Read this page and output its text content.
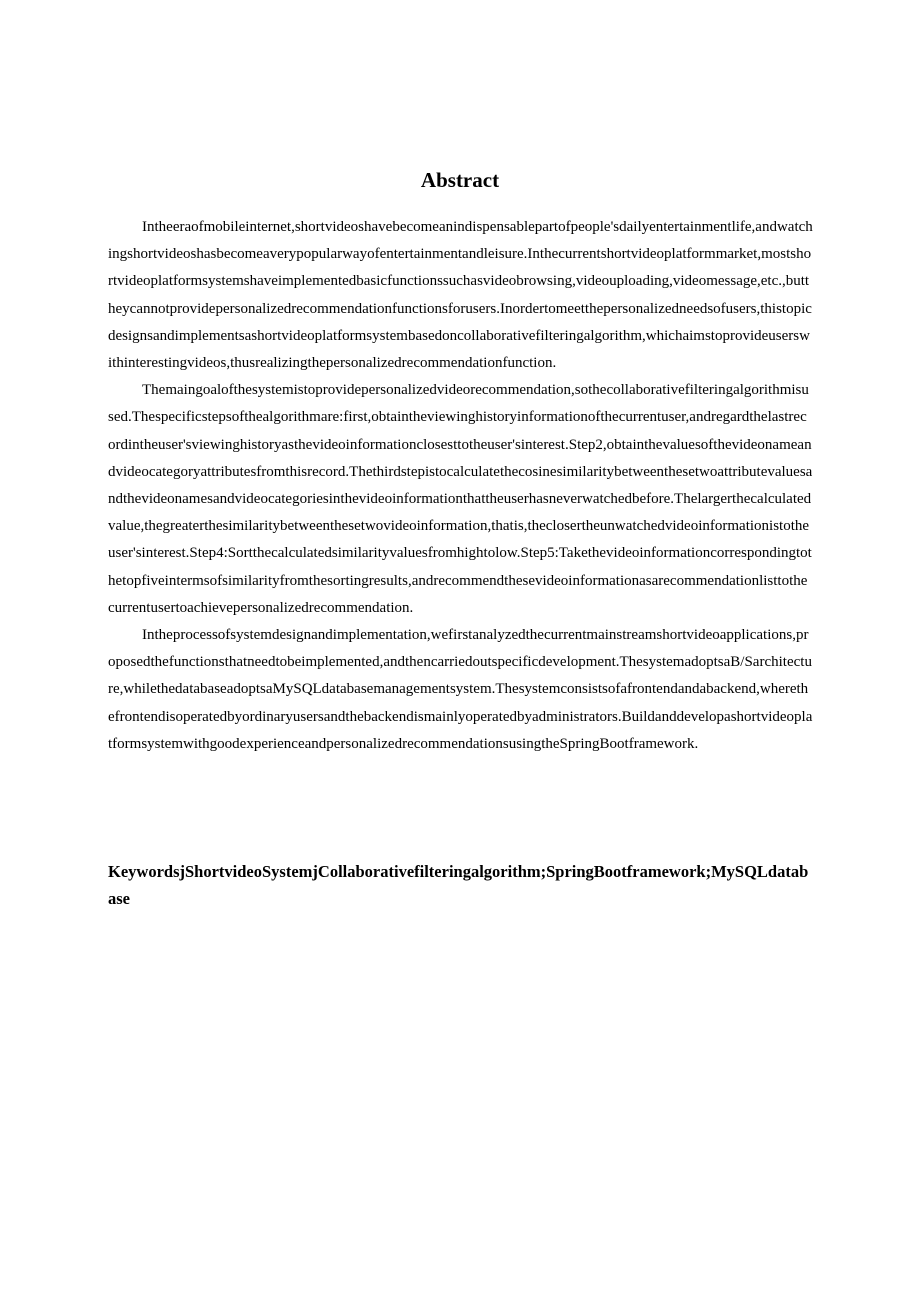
Abstract

Intheeraofmobileinternet,shortvideoshavebecomeanindispensablepartofpeople'sdailyentertainmentlife,andwatchingshortvideoshasbecomeaverypopularwayofentertainmentandleisure.Inthecurrentshortvideoplatformmarket,mostshortvideoplatformsystemshaveimplementedbasicfunctionssuchasvideobrowsing,videouploading,videomessage,etc.,buttheycannotprovidepersonalizedrecommendationfunctionsforusers.Inordertomeetthepersonalizedneedsofusers,thistopicdesignsandimplementsashortvideoplatformsystembasedoncollaborativefilteringalgorithm,whichaimstoprovideuserswithinterestingvideos,thusrealizingthepersonalizedrecommendationfunction.

Themaingoalofthesystemistoprovidepersonalizedvideorecommendation,sothecollaborativefilteringalgorithmisused.Thespecificstepsofthealgorithmare:first,obtaintheviewinghistoryinformationofthecurrentuser,andregardthelastrecordintheuser'sviewinghistoryasthevideoinformationclosesttotheuser'sinterest.Step2,obtainthevaluesofthevideonameandvideocategoryattributesfromthisrecord.Thethirdstepistocalculatethecosinesimilaritybetweenthesetwoattributevaluesandthevideonamesandvideocategoriesinthevideoinformationthattheuserhasneverwatchedbefore.Thelargerthecalculatedvalue,thegreaterthesimilaritybetweenthesetwovideoinformation,thatis,theclosertheunwatchedvideoinformationistotheuser'sinterest.Step4:Sortthecalculatedsimilarityvaluesfromhightolow.Step5:Takethevideoinformationcorrespondingtothetopfiveintermsofsimilarityfromthesortingresults,andrecommendthesevideoinformationasarecommendationlisttothecurrentusertoachievepersonalizedrecommendation.

Intheprocessofsystemdesignandimplementation,wefirstanalyzedthecurrentmainstreamshortvideoapplications,proposedthefunctionsthatneedtobeimplemented,andthencarriedoutspecificdevelopment.ThesystemadoptsaB/Sarchitecture,whilethedatabaseadoptsaMySQLdatabasemanagementsystem.Thesystemconsistsofafrontendandabackend,wherethefrontendisoperatedbyordinaryusersandthebackendismainlyoperatedbyadministrators.BuildanddevelopashortvideoplatformsystemwithgoodexperienceandpersonalizedrecommendationsusingtheSpringBootframework.

KeywordsjShortvideoSystemjCollaborativefilteringalgorithm;SpringBootframework;MySQLdatabase
